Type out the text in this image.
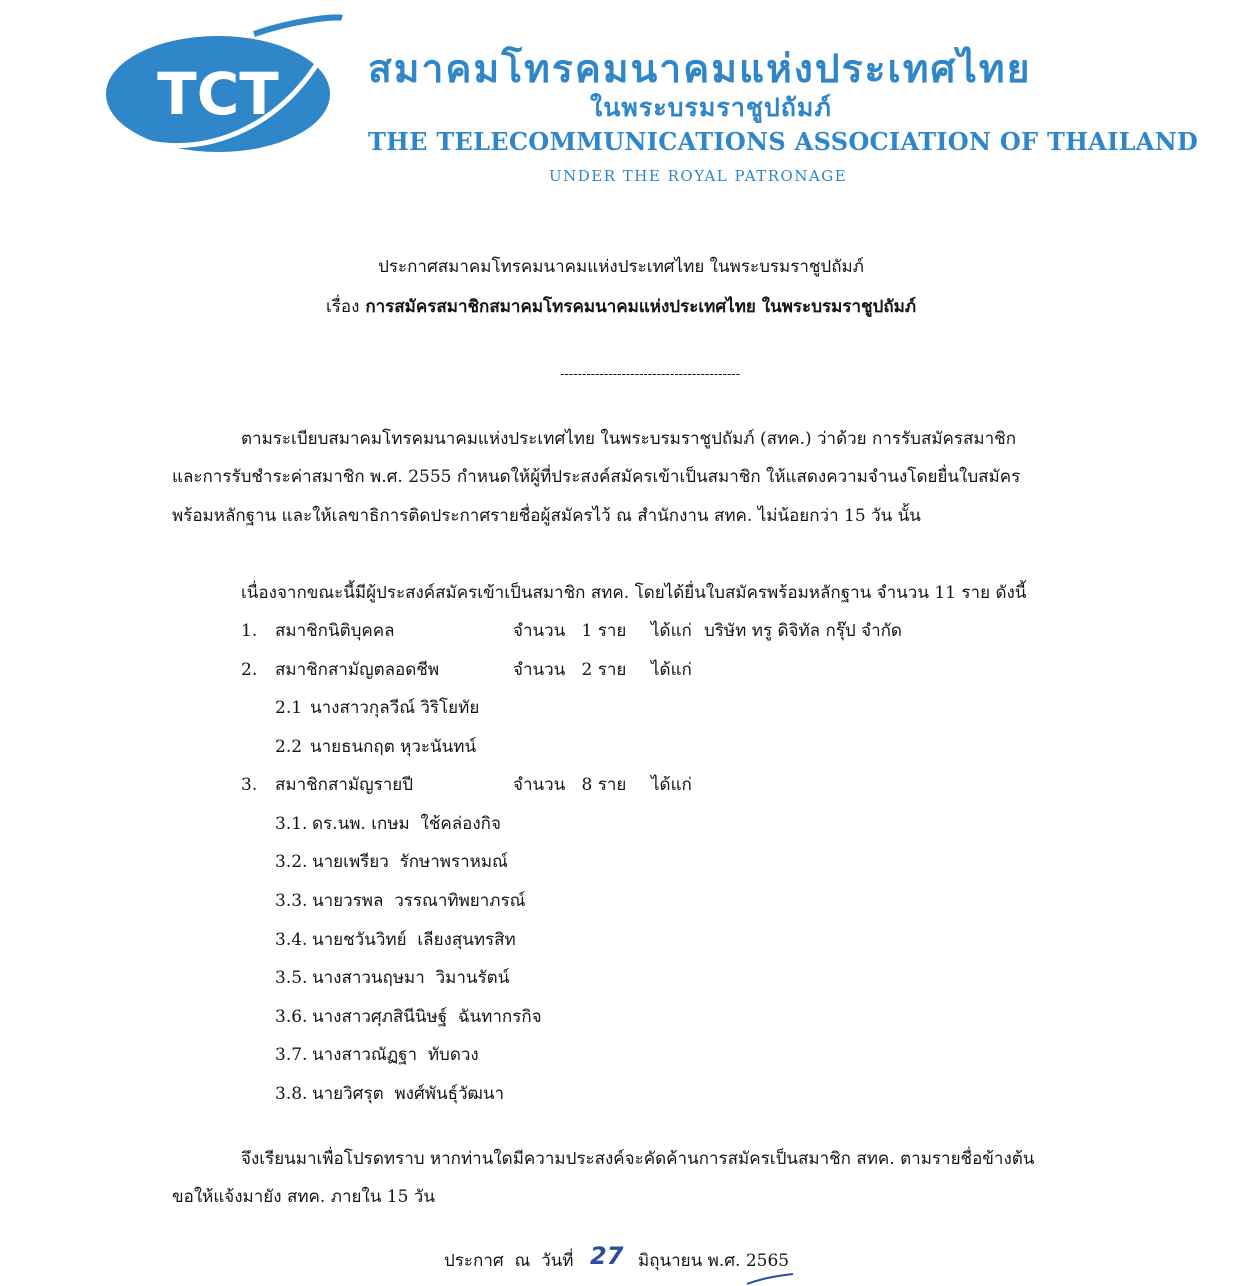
TCT สมาคมโทรคมนาคมแห่งประเทศไทย
ในพระบรมราชูปถัมภ์
THE TELECOMMUNICATIONS ASSOCIATION OF THAILAND
UNDER THE ROYAL PATRONAGE
ประกาศสมาคมโทรคมนาคมแห่งประเทศไทย ในพระบรมราชูปถัมภ์
เรื่อง การสมัครสมาชิกสมาคมโทรคมนาคมแห่งประเทศไทย ในพระบรมราชูปถัมภ์
-----------------------------------------
ตามระเบียบสมาคมโทรคมนาคมแห่งประเทศไทย ในพระบรมราชูปถัมภ์ (สทค.) ว่าด้วย การรับสมัครสมาชิก
และการรับชำระค่าสมาชิก พ.ศ. 2555 กำหนดให้ผู้ที่ประสงค์สมัครเข้าเป็นสมาชิก ให้แสดงความจำนงโดยยื่นใบสมัคร
พร้อมหลักฐาน และให้เลขาธิการติดประกาศรายชื่อผู้สมัครไว้ ณ สำนักงาน สทค. ไม่น้อยกว่า 15 วัน นั้น
เนื่องจากขณะนี้มีผู้ประสงค์สมัครเข้าเป็นสมาชิก สทค. โดยได้ยื่นใบสมัครพร้อมหลักฐาน จำนวน 11 ราย ดังนี้
1. สมาชิกนิติบุคคล	จำนวน   1 ราย ได้แก่ บริษัท ทรู ดิจิทัล กรุ๊ป จำกัด
2. สมาชิกสามัญตลอดชีพ	จำนวน   2 ราย ได้แก่
2.1 นางสาวกุลวีณ์ วิริโยทัย
2.2 นายธนกฤต หุวะนันทน์
3. สมาชิกสามัญรายปี	จำนวน   8 ราย ได้แก่
3.1. ดร.นพ. เกษม  ใช้คล่องกิจ
3.2. นายเพรียว  รักษาพราหมณ์
3.3. นายวรพล  วรรณาทิพยาภรณ์
3.4. นายชวันวิทย์  เลียงสุนทรสิท
3.5. นางสาวนฤษมา  วิมานรัตน์
3.6. นางสาวศุภสินีนิษฐ์  ฉันทากรกิจ
3.7. นางสาวณัฏฐา  ทับดวง
3.8. นายวิศรุต  พงศ์พันธุ์วัฒนา
จึงเรียนมาเพื่อโปรดทราบ หากท่านใดมีความประสงค์จะคัดค้านการสมัครเป็นสมาชิก สทค. ตามรายชื่อข้างต้น
ขอให้แจ้งมายัง สทค. ภายใน 15 วัน
ประกาศ  ณ  วันที่ 27 มิถุนายน พ.ศ. 2565
